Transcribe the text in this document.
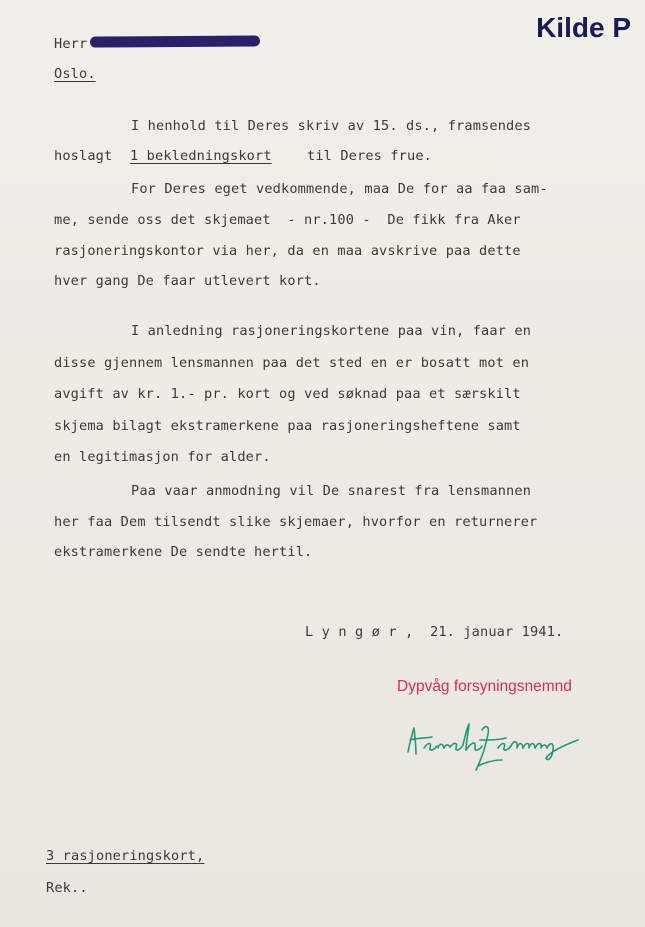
Kilde P
Herr
Oslo.
I henhold til Deres skriv av 15. ds., framsendes
hoslagt 1 bekledningskort	til Deres frue.
For Deres eget vedkommende, maa De for aa faa sam-
me, sende oss det skjemaet  - nr.100 -  De fikk fra Aker
rasjoneringskontor via her, da en maa avskrive paa dette
hver gang De faar utlevert kort.
I anledning rasjoneringskortene paa vin, faar en
disse gjennem lensmannen paa det sted en er bosatt mot en
avgift av kr. 1.- pr. kort og ved søknad paa et særskilt
skjema bilagt ekstramerkene paa rasjoneringsheftene samt
en legitimasjon for alder.
Paa vaar anmodning vil De snarest fra lensmannen
her faa Dem tilsendt slike skjemaer, hvorfor en returnerer
ekstramerkene De sendte hertil.
L y n g ø r ,  21. januar 1941.
Dypvåg forsyningsnemnd
3 rasjoneringskort,
Rek..
